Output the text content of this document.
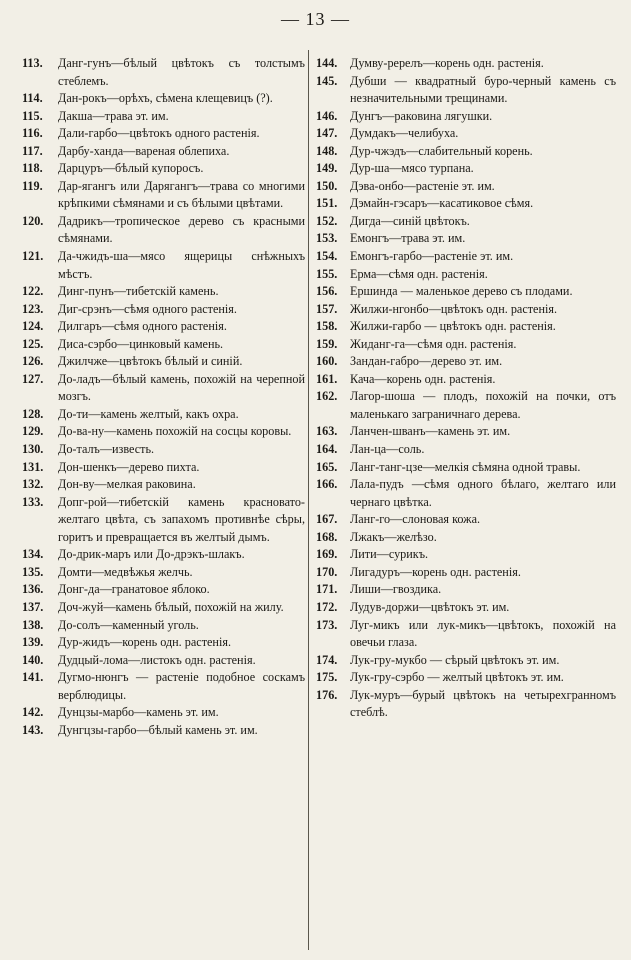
— 13 —
113.	Данг-гунъ—бѣлый цвѣтокъ съ толстымъ стеблемъ.
114.	Дан-рокъ—орѣхъ, сѣмена клещевицъ (?).
115.	Дакша—трава эт. им.
116.	Дали-гарбо—цвѣтокъ одного растенія.
117.	Дарбу-ханда—вареная облепиха.
118.	Дарцуръ—бѣлый купоросъ.
119.	Дар-ягангъ или Дарягангъ—трава со многими крѣпкими сѣмянами и съ бѣлыми цвѣтами.
120.	Дадрикъ—тропическое дерево съ красными сѣмянами.
121.	Да-чжидъ-ша—мясо ящерицы снѣжныхъ мѣстъ.
122.	Динг-пунъ—тибетскій камень.
123.	Диг-срэнъ—сѣмя одного растенія.
124.	Дилгаръ—сѣмя одного растенія.
125.	Диса-сэрбо—цинковый камень.
126.	Джилчже—цвѣтокъ бѣлый и синій.
127.	До-ладъ—бѣлый камень, похожій на черепной мозгъ.
128.	До-ти—камень желтый, какъ охра.
129.	До-ва-ну—камень похожій на сосцы коровы.
130.	До-талъ—известь.
131.	Дон-шенкъ—дерево пихта.
132.	Дон-ву—мелкая раковина.
133.	Допг-рой—тибетскій камень красновато-желтаго цвѣта, съ запахомъ противнѣе сѣры, горитъ и превращается въ желтый дымъ.
134.	До-дрик-маръ или До-дрэкъ-шлакъ.
135.	Домти—медвѣжья желчь.
136.	Донг-да—гранатовое яблоко.
137.	Доч-жуй—камень бѣлый, похожій на жилу.
138.	До-солъ—каменный уголь.
139.	Дур-жидъ—корень одн. растенія.
140.	Дудцый-лома—листокъ одн. растенія.
141.	Дугмо-нюнгъ — растеніе подобное соскамъ верблюдицы.
142.	Дунцзы-марбо—камень эт. им.
143.	Дунгцзы-гарбо—бѣлый камень эт. им.
144.	Думву-ререлъ—корень одн. растенія.
145.	Дубши — квадратный буро-черный камень съ незначительными трещинами.
146.	Дунгъ—раковина лягушки.
147.	Думдакъ—челибуха.
148.	Дур-чжэдъ—слабительный корень.
149.	Дур-ша—мясо турпана.
150.	Дэва-онбо—растеніе эт. им.
151.	Дэмайн-гэсаръ—касатиковое сѣмя.
152.	Дигда—синій цвѣтокъ.
153.	Емонгъ—трава эт. им.
154.	Емонгъ-гарбо—растеніе эт. им.
155.	Ерма—сѣмя одн. растенія.
156.	Ершинда — маленькое дерево съ плодами.
157.	Жилжи-нгонбо—цвѣтокъ одн. растенія.
158.	Жилжи-гарбо — цвѣтокъ одн. растенія.
159.	Жиданг-га—сѣмя одн. растенія.
160.	Зандан-габро—дерево эт. им.
161.	Кача—корень одн. растенія.
162.	Лагор-шоша — плодъ, похожій на почки, отъ маленькаго заграничнаго дерева.
163.	Ланчен-шванъ—камень эт. им.
164.	Лан-ца—соль.
165.	Ланг-танг-цзе—мелкія сѣмяна одной травы.
166.	Лала-пудъ —сѣмя одного бѣлаго, желтаго или чернаго цвѣтка.
167.	Ланг-го—слоновая кожа.
168.	Лжакъ—желѣзо.
169.	Лити—сурикъ.
170.	Лигадуръ—корень одн. растенія.
171.	Лиши—гвоздика.
172.	Лудув-доржи—цвѣтокъ эт. им.
173.	Луг-микъ или лук-микъ—цвѣтокъ, похожій на овечьи глаза.
174.	Лук-гру-мукбо — сѣрый цвѣтокъ эт. им.
175.	Лук-гру-сэрбо — желтый цвѣтокъ эт. им.
176.	Лук-муръ—бурый цвѣтокъ на четырехгранномъ стеблѣ.
